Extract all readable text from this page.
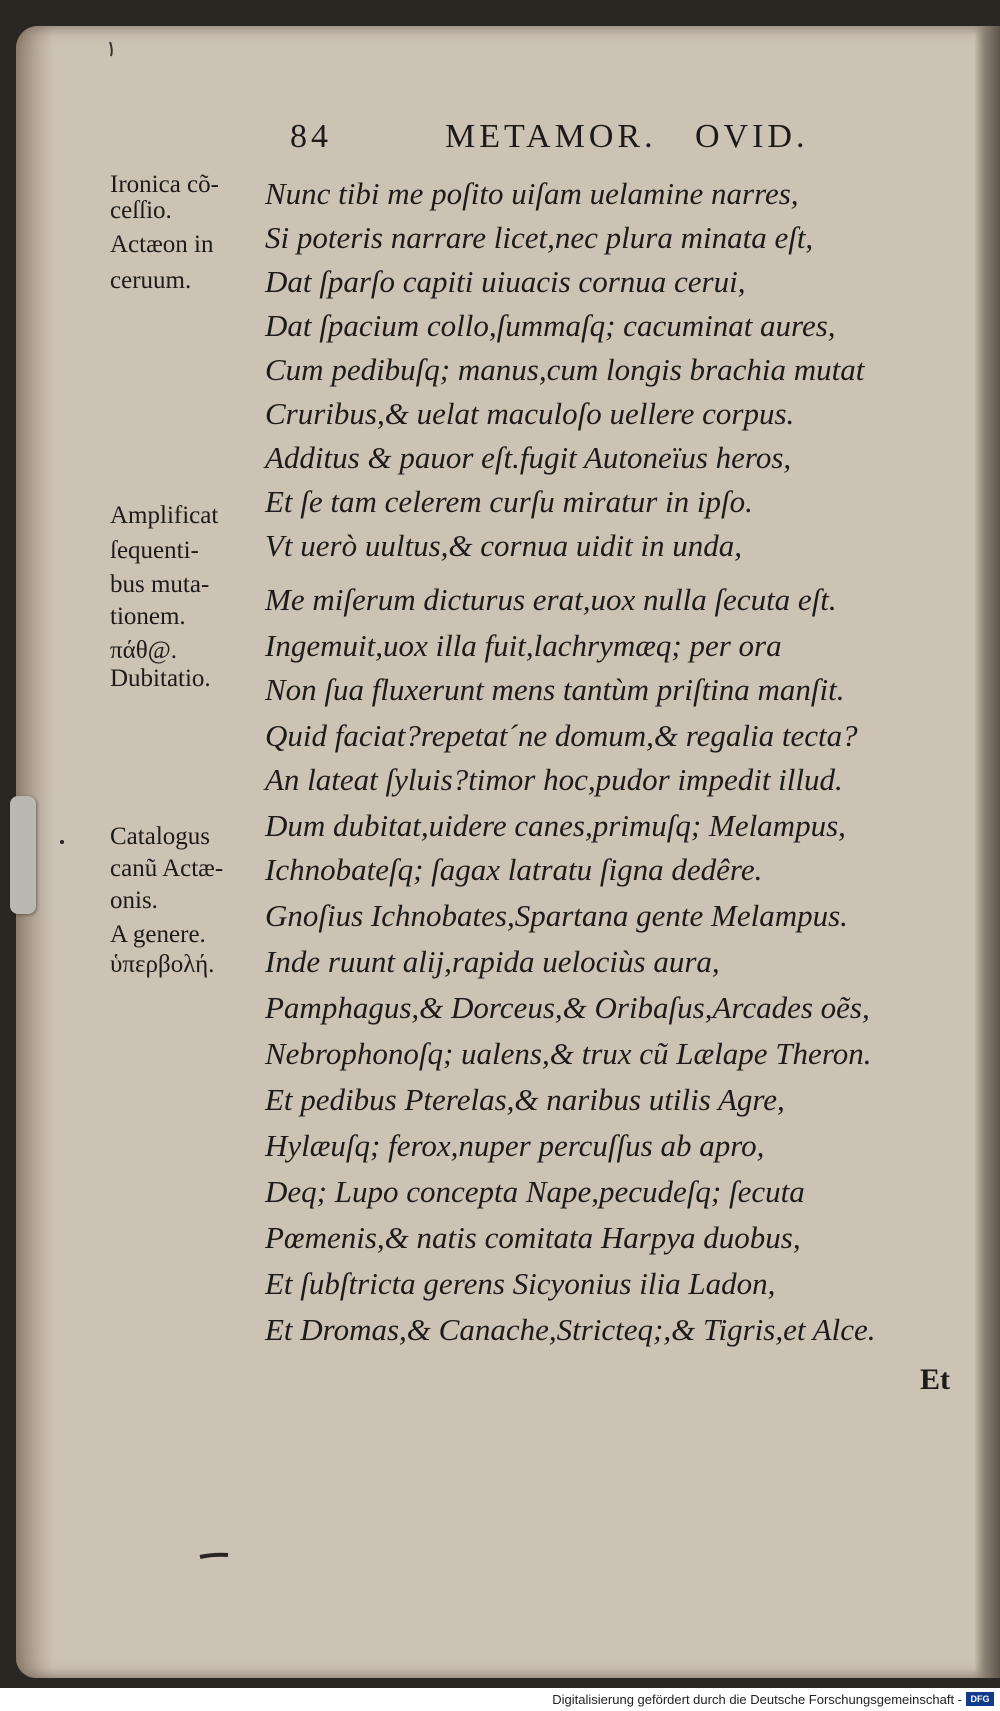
84	METAMOR. OVID.
Nunc tibi me poſito uiſam uelamine narres,
Si poteris narrare licet,nec plura minata eſt,
Dat ſparſo capiti uiuacis cornua cerui,
Dat ſpacium collo,ſummaſq; cacuminat aures,
Cum pedibuſq; manus,cum longis brachia mutat
Cruribus,& uelat maculoſo uellere corpus.
Additus & pauor eſt.fugit Autoneïus heros,
Et ſe tam celerem curſu miratur in ipſo.
Vt uerò uultus,& cornua uidit in unda,
Me miſerum dicturus erat,uox nulla ſecuta eſt.
Ingemuit,uox illa fuit,lachrymæq; per ora
Non ſua fluxerunt mens tantùm priſtina manſit.
Quid faciat?repetat´ne domum,& regalia tecta?
An lateat ſyluis?timor hoc,pudor impedit illud.
Dum dubitat,uidere canes,primuſq; Melampus,
Ichnobateſq; ſagax latratu ſigna dedêre.
Gnoſius Ichnobates,Spartana gente Melampus.
Inde ruunt alij,rapida uelociùs aura,
Pamphagus,& Dorceus,& Oribaſus,Arcades oẽs,
Nebrophonoſq; ualens,& trux cũ Lælape Theron.
Et pedibus Pterelas,& naribus utilis Agre,
Hylæuſq; ferox,nuper percuſſus ab apro,
Deq; Lupo concepta Nape,pecudeſq; ſecuta
Pœmenis,& natis comitata Harpya duobus,
Et ſubſtricta gerens Sicyonius ilia Ladon,
Et Dromas,& Canache,Stricteq;,& Tigris,et Alce.
Ironica cõ-
ceſſio.
Actæon in
ceruum.
Amplificat
ſequenti-
bus muta-
tionem.
πάθ@.
Dubitatio.
Catalogus
canũ Actæ-
onis.
A genere.
ὑπερβολή.
Et
Digitalisierung gefördert durch die Deutsche Forschungsgemeinschaft - DFG
